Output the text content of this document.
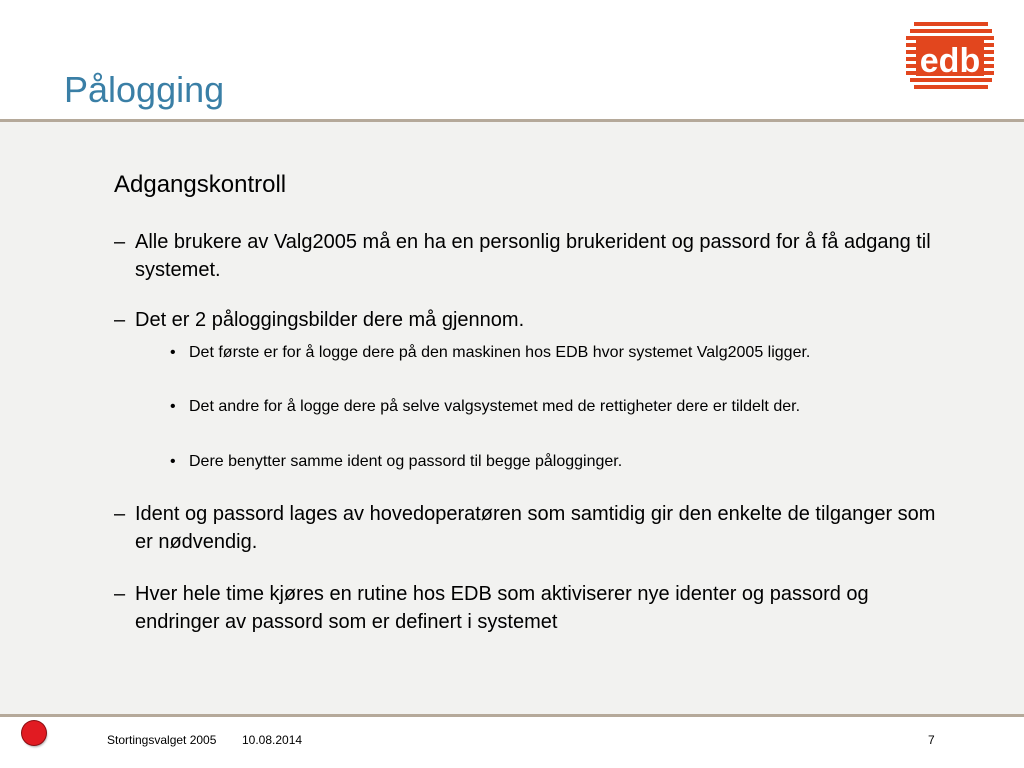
Pålogging
edb
Adgangskontroll
– Alle brukere av Valg2005 må en ha en personlig brukerident og passord for å få adgang til systemet.
– Det er 2 påloggingsbilder dere må gjennom.
• Det første er for å logge dere på den maskinen hos EDB hvor systemet Valg2005 ligger.
• Det andre for å logge dere på selve valgsystemet med de rettigheter dere er tildelt der.
• Dere benytter samme ident og passord til begge pålogginger.
– Ident og passord lages av hovedoperatøren som samtidig gir den enkelte de tilganger som er nødvendig.
– Hver hele time kjøres en rutine hos EDB som aktiviserer nye identer og passord og endringer av passord som er definert i systemet
Stortingsvalget 2005 10.08.2014	7
